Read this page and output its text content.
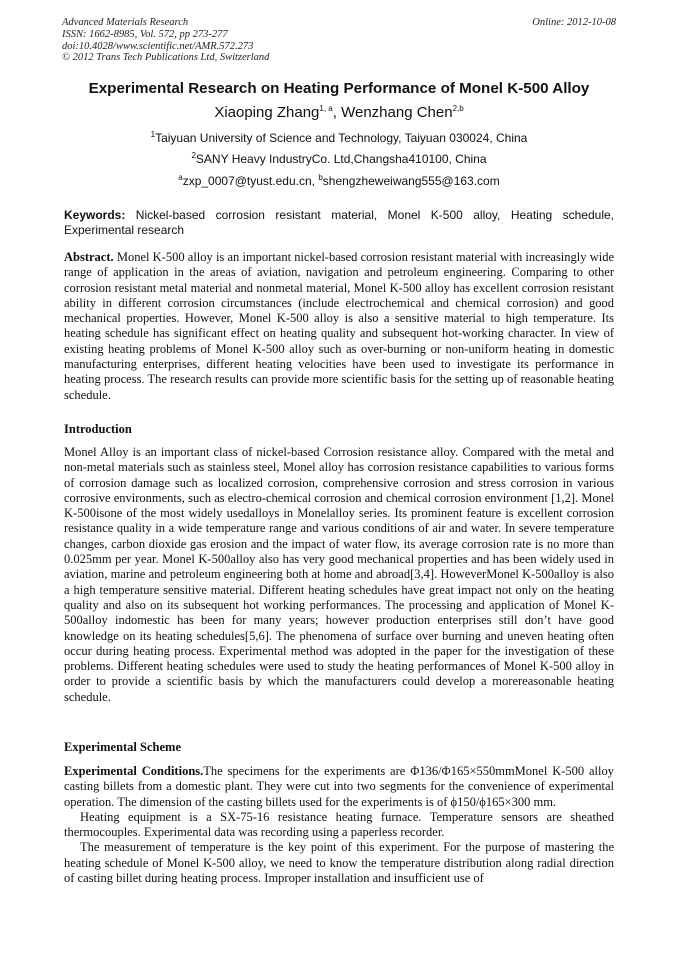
Advanced Materials Research
ISSN: 1662-8985, Vol. 572, pp 273-277
doi:10.4028/www.scientific.net/AMR.572.273
© 2012 Trans Tech Publications Ltd, Switzerland
Online: 2012-10-08
Experimental Research on Heating Performance of Monel K-500 Alloy
Xiaoping Zhang$^{1, a}$, Wenzhang Chen$^{2,b}$
$^1$Taiyuan University of Science and Technology, Taiyuan 030024, China
$^2$SANY Heavy IndustryCo. Ltd,Changsha410100, China
$^a$zxp_0007@tyust.edu.cn, $^b$shengzheweiwang555@163.com
Keywords: Nickel-based corrosion resistant material, Monel K-500 alloy, Heating schedule, Experimental research
Abstract. Monel K-500 alloy is an important nickel-based corrosion resistant material with increasingly wide range of application in the areas of aviation, navigation and petroleum engineering. Comparing to other corrosion resistant metal material and nonmetal material, Monel K-500 alloy has excellent corrosion resistant ability in different corrosion circumstances (include electrochemical and chemical corrosion) and good mechanical properties. However, Monel K-500 alloy is also a sensitive material to high temperature. Its heating schedule has significant effect on heating quality and subsequent hot-working character. In view of existing heating problems of Monel K-500 alloy such as over-burning or non-uniform heating in domestic manufacturing enterprises, different heating velocities have been used to investigate its performance in heating process. The research results can provide more scientific basis for the setting up of reasonable heating schedule.
Introduction
Monel Alloy is an important class of nickel-based Corrosion resistance alloy. Compared with the metal and non-metal materials such as stainless steel, Monel alloy has corrosion resistance capabilities to various forms of corrosion damage such as localized corrosion, comprehensive corrosion and stress corrosion in various corrosive environments, such as electro-chemical corrosion and chemical corrosion environment [1,2]. Monel K-500isone of the most widely usedalloys in Monelalloy series. Its prominent feature is excellent corrosion resistance quality in a wide temperature range and various conditions of air and water. In severe temperature changes, carbon dioxide gas erosion and the impact of water flow, its average corrosion rate is no more than 0.025mm per year. Monel K-500alloy also has very good mechanical properties and has been widely used in aviation, marine and petroleum engineering both at home and abroad[3,4]. HoweverMonel K-500alloy is also a high temperature sensitive material. Different heating schedules have great impact not only on the heating quality and also on its subsequent hot working performances. The processing and application of Monel K-500alloy indomestic has been for many years; however production enterprises still don’t have good knowledge on its heating schedules[5,6]. The phenomena of surface over burning and uneven heating often occur during heating process. Experimental method was adopted in the paper for the investigation of these problems. Different heating schedules were used to study the heating performances of Monel K-500 alloy in order to provide a scientific basis by which the manufacturers could develop a morereasonable heating schedule.
Experimental Scheme
Experimental Conditions.The specimens for the experiments are Φ136/Φ165×550mmMonel K-500 alloy casting billets from a domestic plant. They were cut into two segments for the convenience of experimental operation. The dimension of the casting billets used for the experiments is of ϕ150/ϕ165×300 mm.
Heating equipment is a SX-75-16 resistance heating furnace. Temperature sensors are sheathed thermocouples. Experimental data was recording using a paperless recorder.
The measurement of temperature is the key point of this experiment. For the purpose of mastering the heating schedule of Monel K-500 alloy, we need to know the temperature distribution along radial direction of casting billet during heating process. Improper installation and insufficient use of
